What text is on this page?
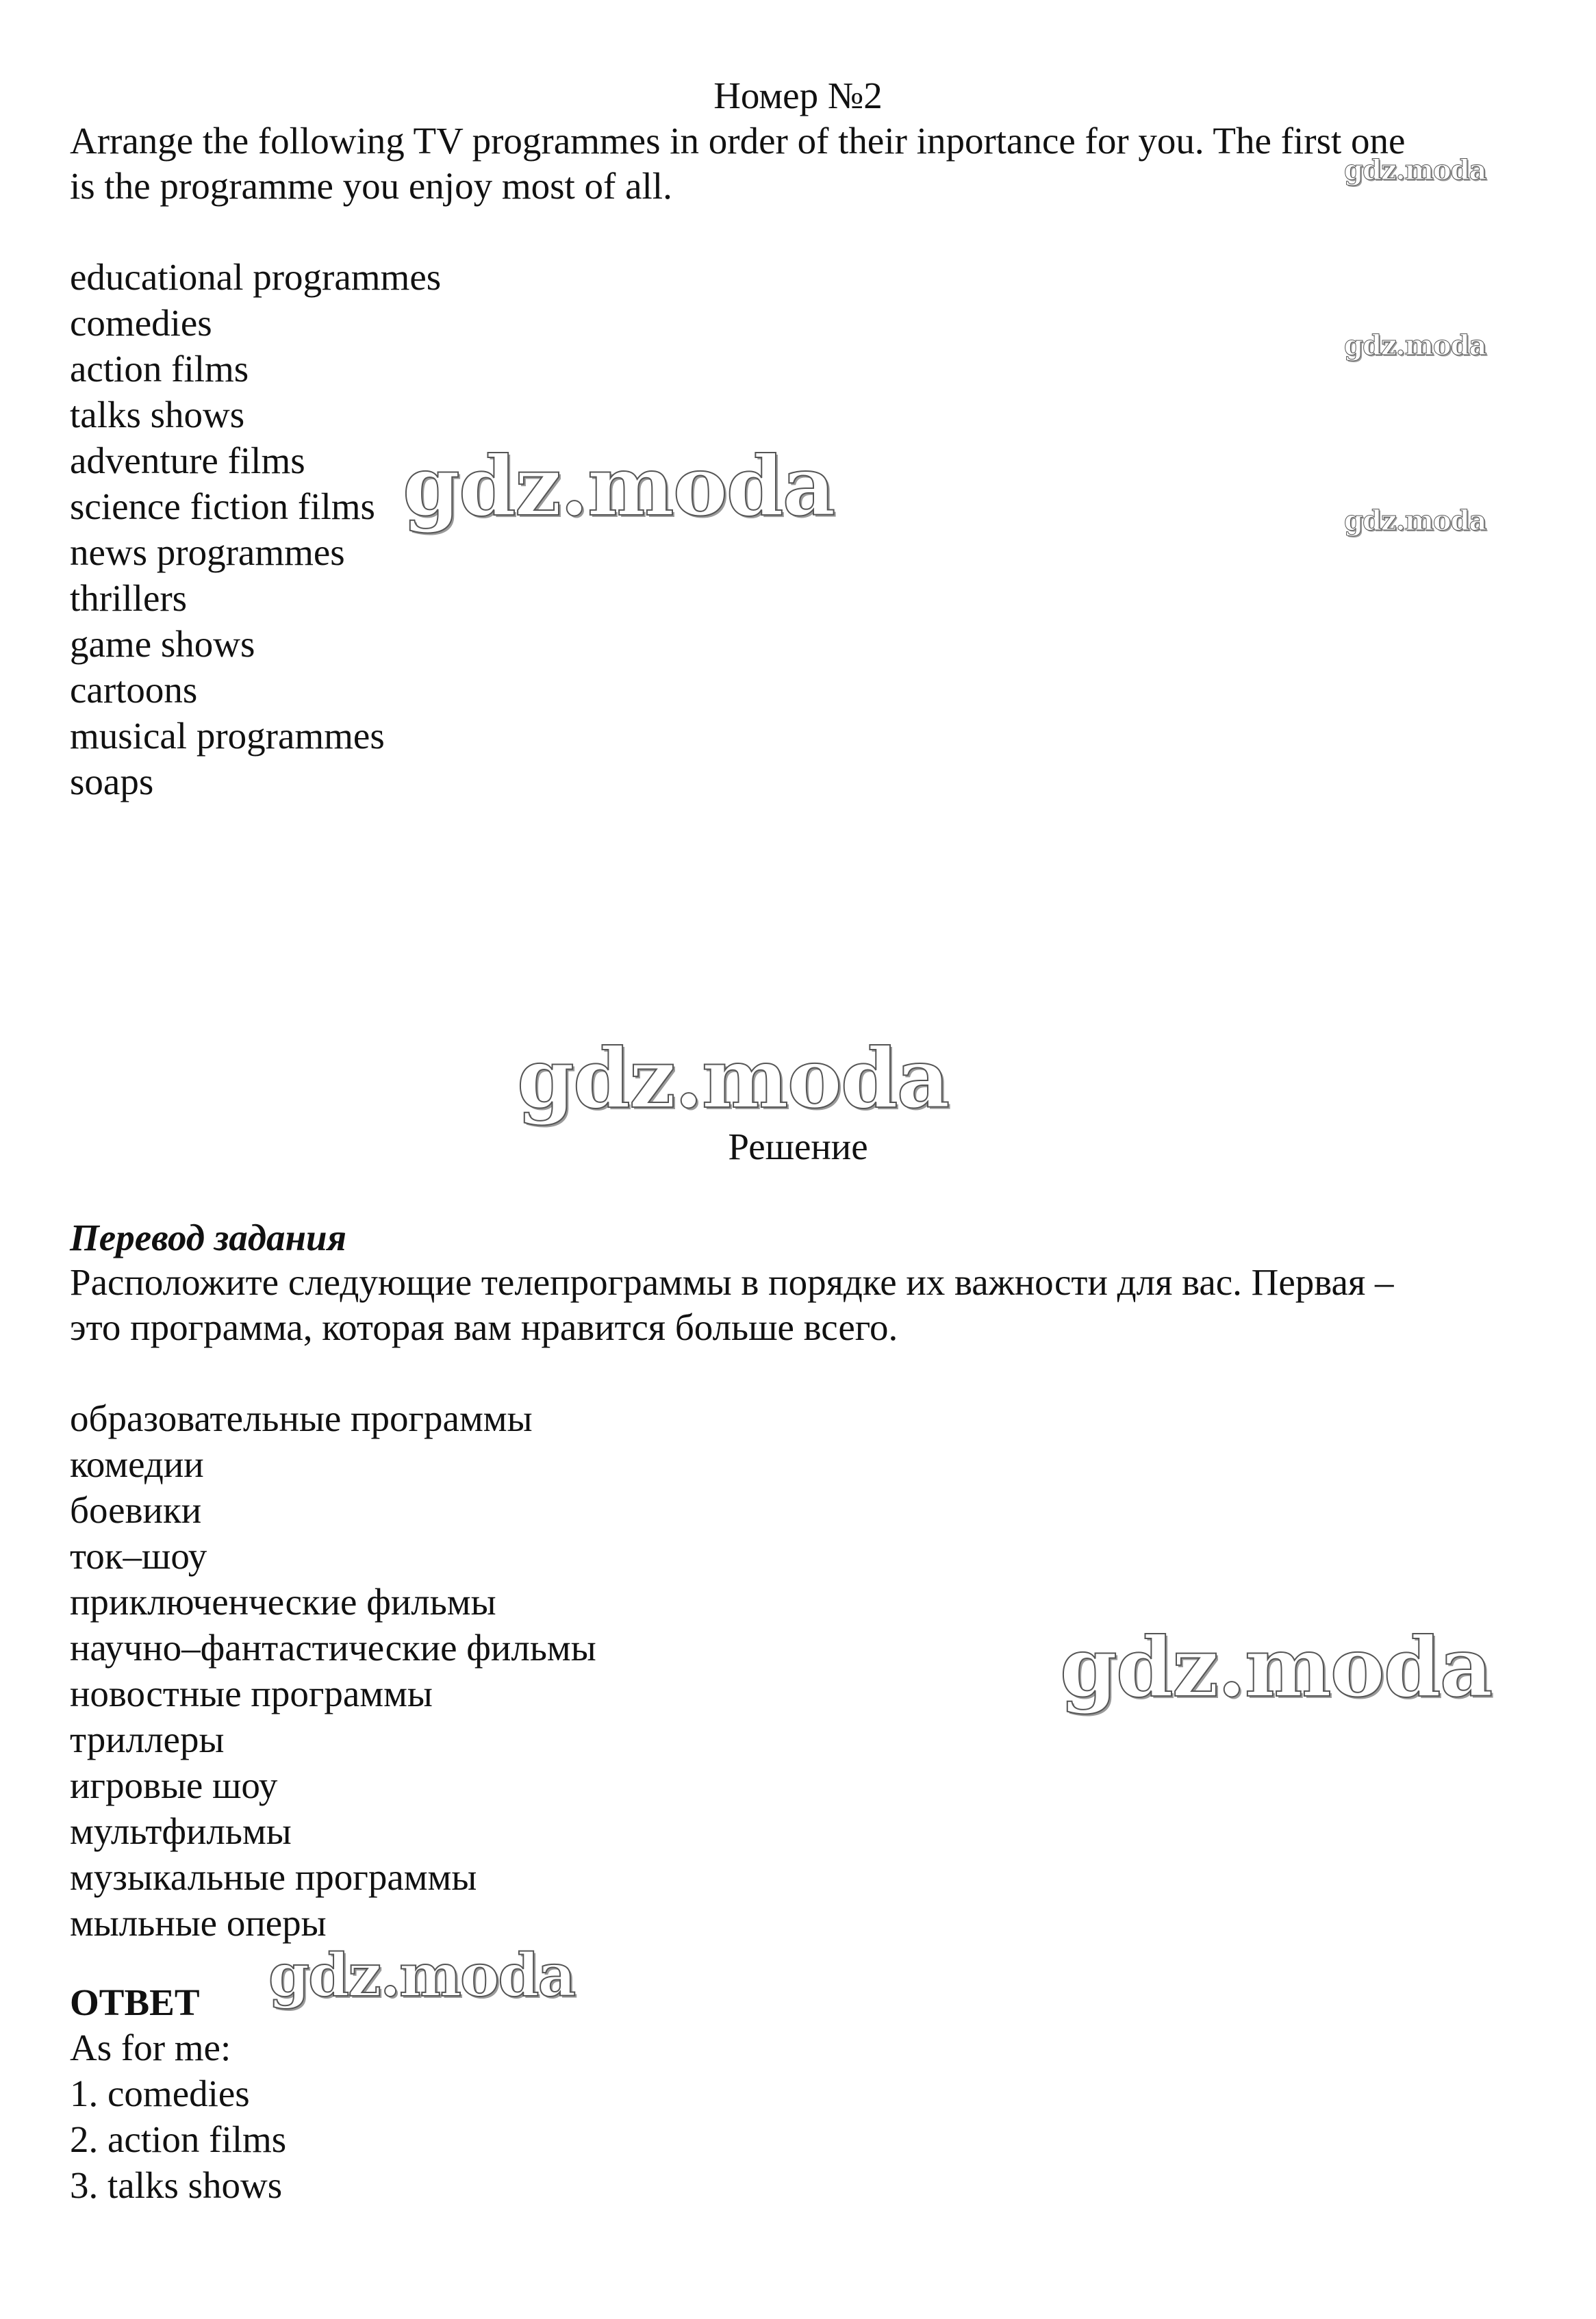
Номер №2
Arrange the following TV programmes in order of their inportance for you. The first one
is the programme you enjoy most of all.
educational programmes
comedies
action films
talks shows
adventure films
science fiction films
news programmes
thrillers
game shows
cartoons
musical programmes
soaps
Решение
Перевод задания
Расположите следующие телепрограммы в порядке их важности для вас. Первая –
это программа, которая вам нравится больше всего.
образовательные программы
комедии
боевики
ток–шоу
приключенческие фильмы
научно–фантастические фильмы
новостные программы
триллеры
игровые шоу
мультфильмы
музыкальные программы
мыльные оперы
ОТВЕТ
As for me:
1. comedies
2. action films
3. talks shows
gdz.moda
gdz.moda
gdz.moda
gdz.moda
gdz.moda
gdz.moda
gdz.moda
